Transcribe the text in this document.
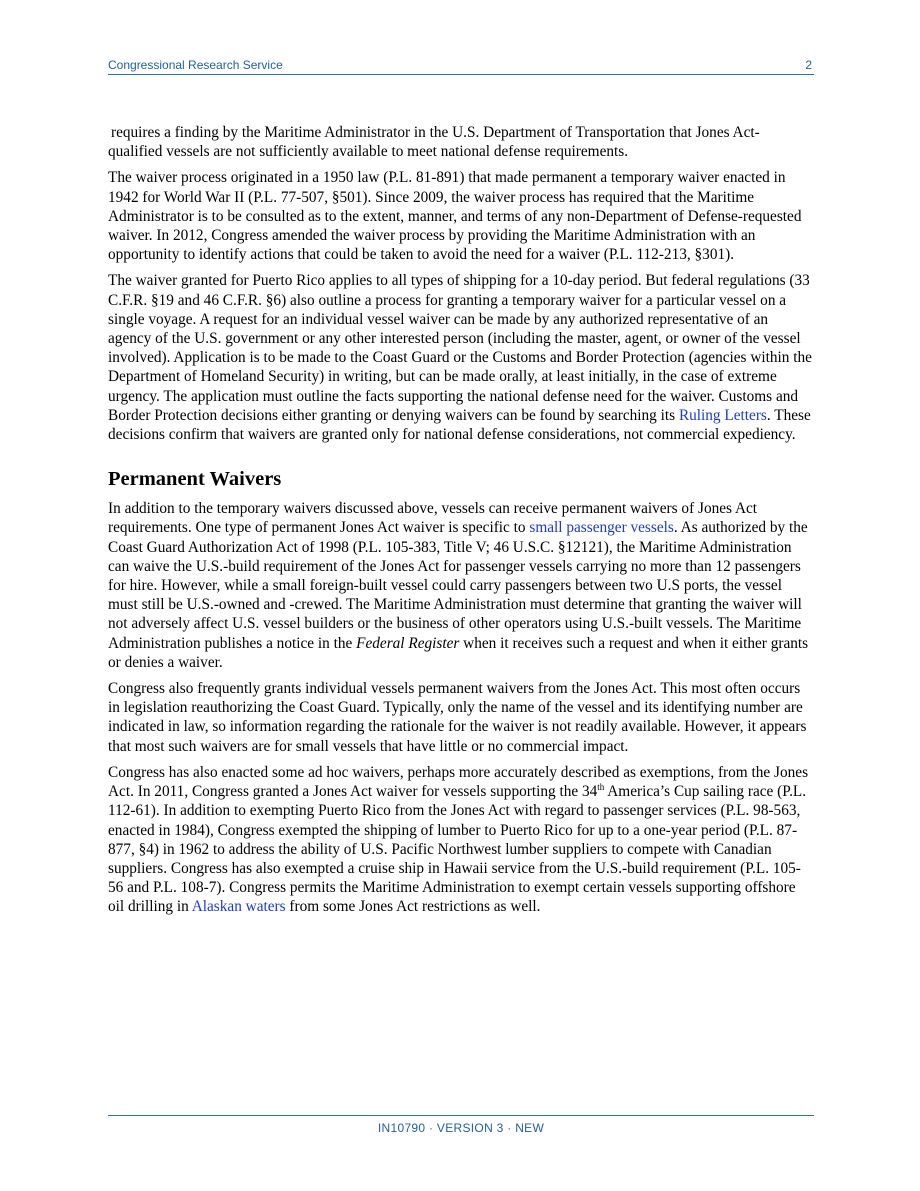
Congressional Research Service	2

requires a finding by the Maritime Administrator in the U.S. Department of Transportation that Jones Act-qualified vessels are not sufficiently available to meet national defense requirements.

The waiver process originated in a 1950 law (P.L. 81-891) that made permanent a temporary waiver enacted in 1942 for World War II (P.L. 77-507, §501). Since 2009, the waiver process has required that the Maritime Administrator is to be consulted as to the extent, manner, and terms of any non-Department of Defense-requested waiver. In 2012, Congress amended the waiver process by providing the Maritime Administration with an opportunity to identify actions that could be taken to avoid the need for a waiver (P.L. 112-213, §301).

The waiver granted for Puerto Rico applies to all types of shipping for a 10-day period. But federal regulations (33 C.F.R. §19 and 46 C.F.R. §6) also outline a process for granting a temporary waiver for a particular vessel on a single voyage. A request for an individual vessel waiver can be made by any authorized representative of an agency of the U.S. government or any other interested person (including the master, agent, or owner of the vessel involved). Application is to be made to the Coast Guard or the Customs and Border Protection (agencies within the Department of Homeland Security) in writing, but can be made orally, at least initially, in the case of extreme urgency. The application must outline the facts supporting the national defense need for the waiver. Customs and Border Protection decisions either granting or denying waivers can be found by searching its Ruling Letters. These decisions confirm that waivers are granted only for national defense considerations, not commercial expediency.

Permanent Waivers

In addition to the temporary waivers discussed above, vessels can receive permanent waivers of Jones Act requirements. One type of permanent Jones Act waiver is specific to small passenger vessels. As authorized by the Coast Guard Authorization Act of 1998 (P.L. 105-383, Title V; 46 U.S.C. §12121), the Maritime Administration can waive the U.S.-build requirement of the Jones Act for passenger vessels carrying no more than 12 passengers for hire. However, while a small foreign-built vessel could carry passengers between two U.S ports, the vessel must still be U.S.-owned and -crewed. The Maritime Administration must determine that granting the waiver will not adversely affect U.S. vessel builders or the business of other operators using U.S.-built vessels. The Maritime Administration publishes a notice in the Federal Register when it receives such a request and when it either grants or denies a waiver.

Congress also frequently grants individual vessels permanent waivers from the Jones Act. This most often occurs in legislation reauthorizing the Coast Guard. Typically, only the name of the vessel and its identifying number are indicated in law, so information regarding the rationale for the waiver is not readily available. However, it appears that most such waivers are for small vessels that have little or no commercial impact.

Congress has also enacted some ad hoc waivers, perhaps more accurately described as exemptions, from the Jones Act. In 2011, Congress granted a Jones Act waiver for vessels supporting the 34th America’s Cup sailing race (P.L. 112-61). In addition to exempting Puerto Rico from the Jones Act with regard to passenger services (P.L. 98-563, enacted in 1984), Congress exempted the shipping of lumber to Puerto Rico for up to a one-year period (P.L. 87-877, §4) in 1962 to address the ability of U.S. Pacific Northwest lumber suppliers to compete with Canadian suppliers. Congress has also exempted a cruise ship in Hawaii service from the U.S.-build requirement (P.L. 105-56 and P.L. 108-7). Congress permits the Maritime Administration to exempt certain vessels supporting offshore oil drilling in Alaskan waters from some Jones Act restrictions as well.

IN10790 · VERSION 3 · NEW
